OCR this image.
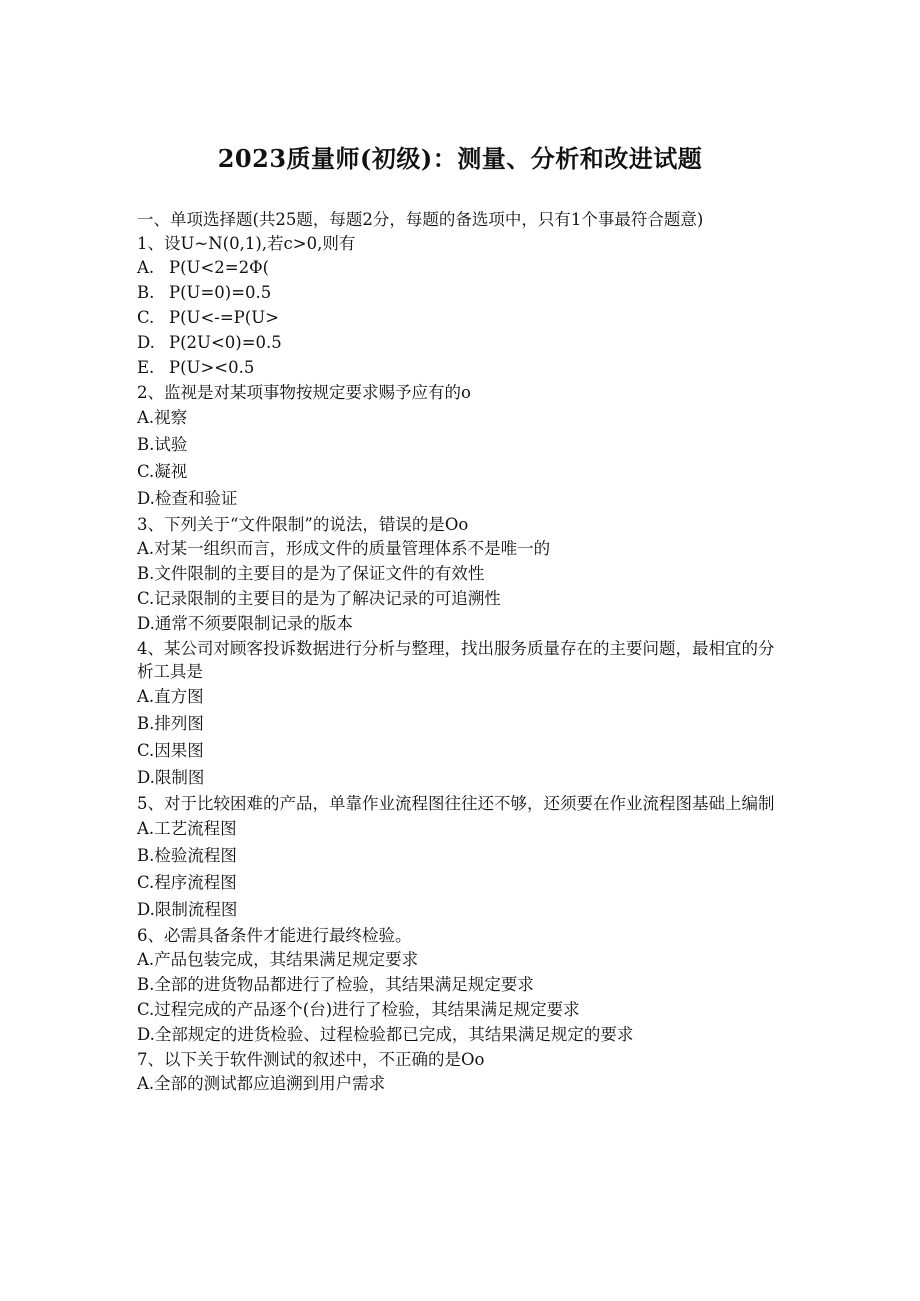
2023质量师(初级)：测量、分析和改进试题

一、单项选择题(共25题，每题2分，每题的备选项中，只有1个事最符合题意)

1、设U~N(0,1),若c>0,则有

A. P(U<2=2Φ(

B. P(U=0)=0.5

C. P(U<-=P(U>

D. P(2U<0)=0.5

E. P(U><0.5

2、监视是对某项事物按规定要求赐予应有的o

A.视察

B.试验

C.凝视

D.检查和验证

3、下列关于“文件限制”的说法，错误的是Oo

A.对某一组织而言，形成文件的质量管理体系不是唯一的

B.文件限制的主要目的是为了保证文件的有效性

C.记录限制的主要目的是为了解决记录的可追溯性

D.通常不须要限制记录的版本

4、某公司对顾客投诉数据进行分析与整理，找出服务质量存在的主要问题，最相宜的分析工具是

A.直方图

B.排列图

C.因果图

D.限制图

5、对于比较困难的产品，单靠作业流程图往往还不够，还须要在作业流程图基础上编制

A.工艺流程图

B.检验流程图

C.程序流程图

D.限制流程图

6、必需具备条件才能进行最终检验。

A.产品包装完成，其结果满足规定要求

B.全部的进货物品都进行了检验，其结果满足规定要求

C.过程完成的产品逐个(台)进行了检验，其结果满足规定要求

D.全部规定的进货检验、过程检验都已完成，其结果满足规定的要求

7、以下关于软件测试的叙述中，不正确的是Oo

A.全部的测试都应追溯到用户需求
